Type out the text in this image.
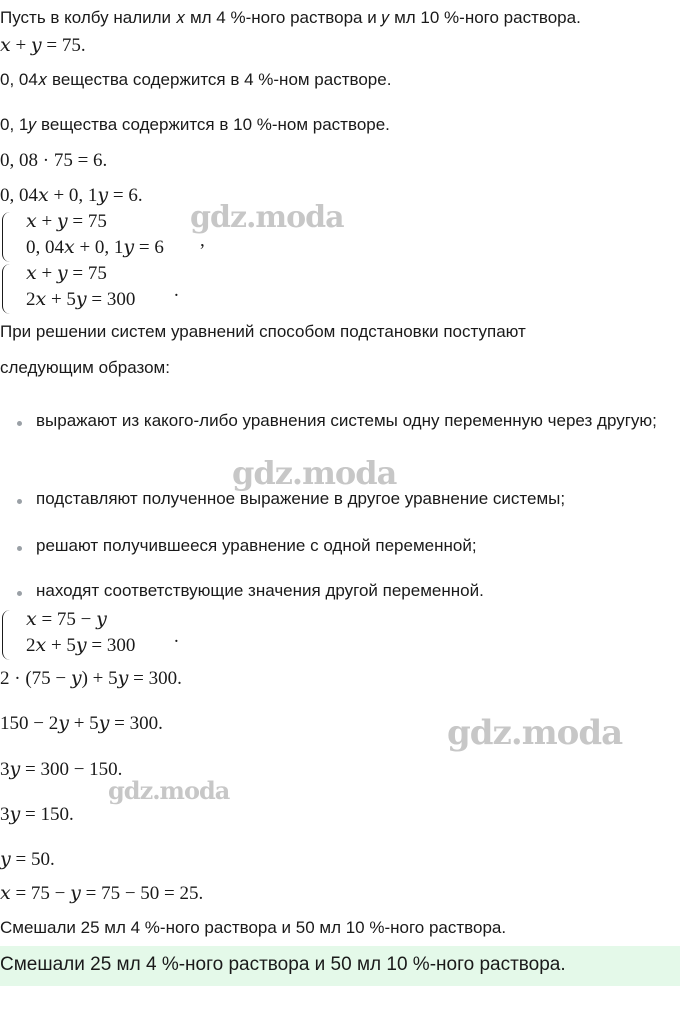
Пусть в колбу налили 𝑥 мл 4 %-ного раствора и 𝑦 мл 10 %-ного раствора.
𝑥 + 𝑦 = 75.
0, 04𝑥 вещества содержится в 4 %-ном растворе.
0, 1𝑦 вещества содержится в 10 %-ном растворе.
0, 08 · 75 = 6.
0, 04𝑥 + 0, 1𝑦 = 6.
𝑥 + 𝑦 = 75
0, 04𝑥 + 0, 1𝑦 = 6 ,
𝑥 + 𝑦 = 75
2𝑥 + 5𝑦 = 300 .
При решении систем уравнений способом подстановки поступают
следующим образом:
выражают из какого-либо уравнения системы одну переменную через другую;
подставляют полученное выражение в другое уравнение системы;
решают получившееся уравнение с одной переменной;
находят соответствующие значения другой переменной.
𝑥 = 75 − 𝑦
2𝑥 + 5𝑦 = 300 .
2 · (75 − 𝑦) + 5𝑦 = 300.
150 − 2𝑦 + 5𝑦 = 300.
3𝑦 = 300 − 150.
3𝑦 = 150.
𝑦 = 50.
𝑥 = 75 − 𝑦 = 75 − 50 = 25.
Смешали 25 мл 4 %-ного раствора и 50 мл 10 %-ного раствора.
Смешали 25 мл 4 %-ного раствора и 50 мл 10 %-ного раствора.
gdz.moda
gdz.moda
gdz.moda
gdz.moda
